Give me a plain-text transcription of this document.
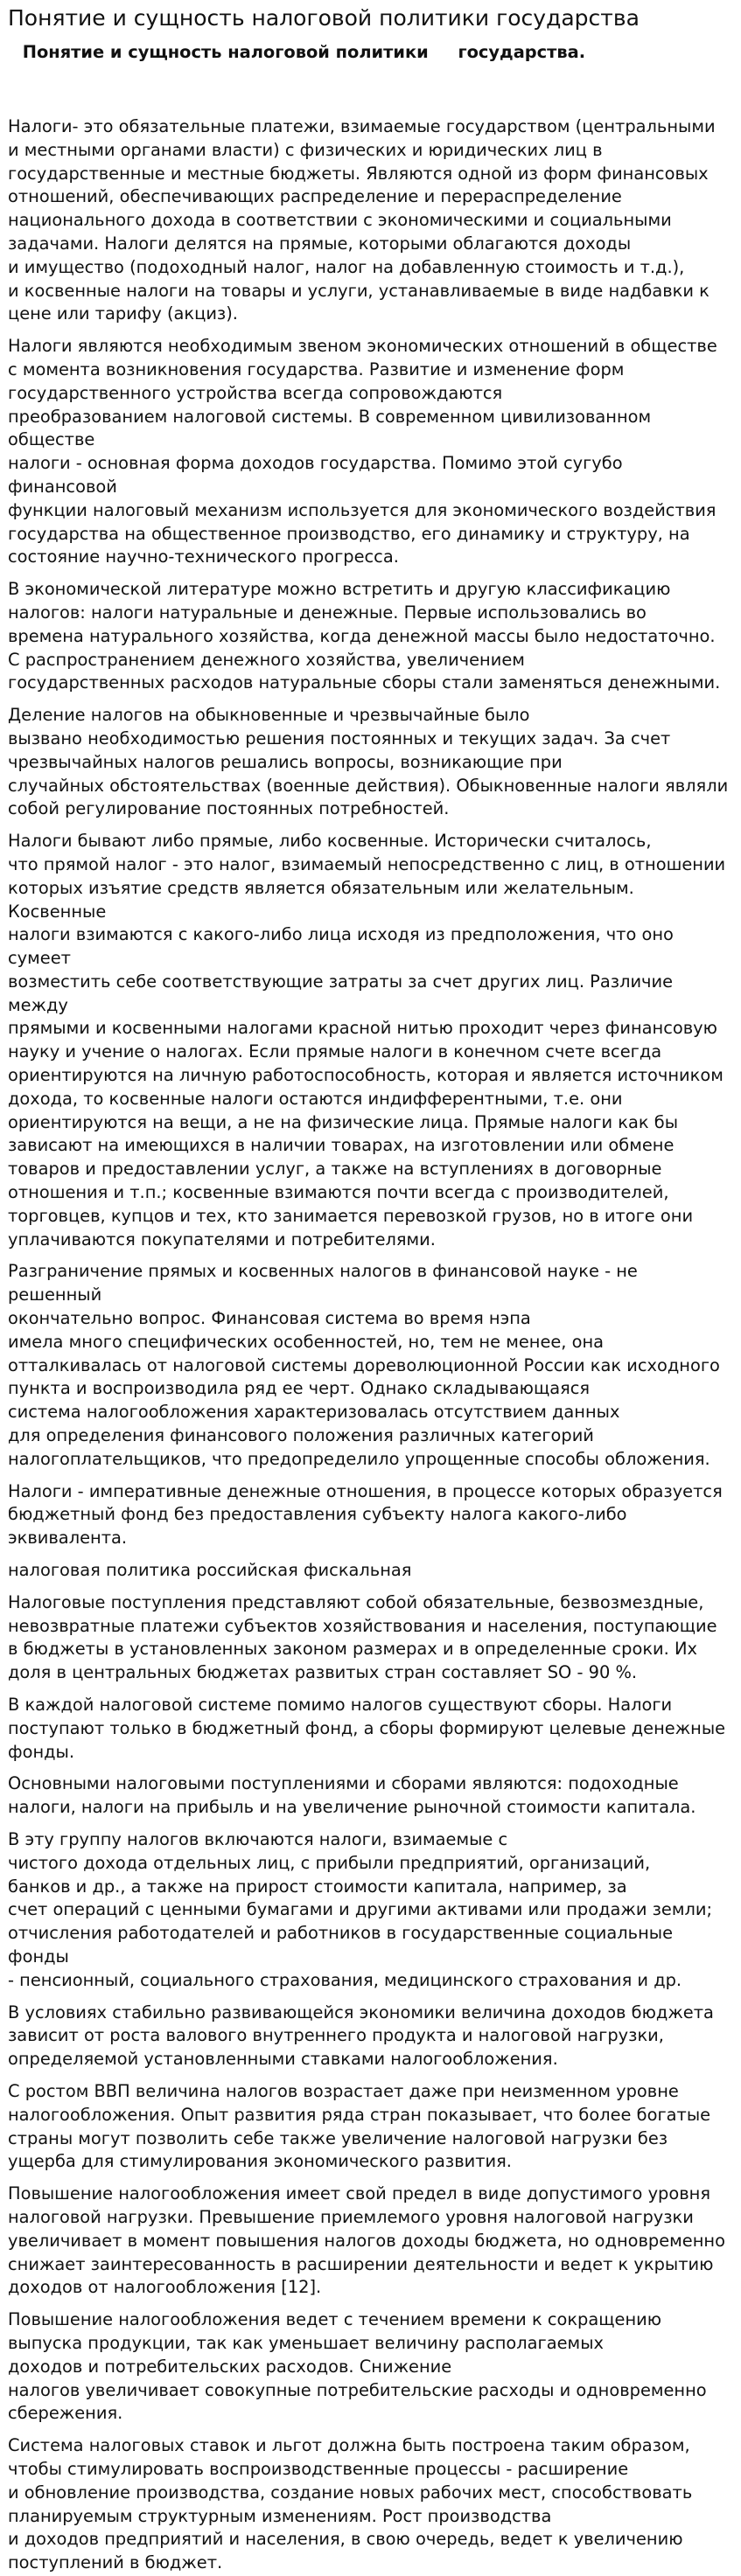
Понятие и сущность налоговой политики государства
Понятие и сущность налоговой политики     государства.

Налоги- это обязательные платежи, взимаемые государством (центральными
и местными органами власти) с физических и юридических лиц в
государственные и местные бюджеты. Являются одной из форм финансовых
отношений, обеспечивающих распределение и перераспределение
национального дохода в соответствии с экономическими и социальными
задачами. Налоги делятся на прямые, которыми облагаются доходы
и имущество (подоходный налог, налог на добавленную стоимость и т.д.),
и косвенные налоги на товары и услуги, устанавливаемые в виде надбавки к
цене или тарифу (акциз).

Налоги являются необходимым звеном экономических отношений в обществе
с момента возникновения государства. Развитие и изменение форм
государственного устройства всегда сопровождаются
преобразованием налоговой системы. В современном цивилизованном обществе
налоги - основная форма доходов государства. Помимо этой сугубо финансовой
функции налоговый механизм используется для экономического воздействия
государства на общественное производство, его динамику и структуру, на
состояние научно-технического прогресса.

В экономической литературе можно встретить и другую классификацию
налогов: налоги натуральные и денежные. Первые использовались во
времена натурального хозяйства, когда денежной массы было недостаточно.
С распространением денежного хозяйства, увеличением
государственных расходов натуральные сборы стали заменяться денежными.

Деление налогов на обыкновенные и чрезвычайные было
вызвано необходимостью решения постоянных и текущих задач. За счет
чрезвычайных налогов решались вопросы, возникающие при
случайных обстоятельствах (военные действия). Обыкновенные налоги являли
собой регулирование постоянных потребностей.

Налоги бывают либо прямые, либо косвенные. Исторически считалось,
что прямой налог - это налог, взимаемый непосредственно с лиц, в отношении
которых изъятие средств является обязательным или желательным. Косвенные
налоги взимаются с какого-либо лица исходя из предположения, что оно сумеет
возместить себе соответствующие затраты за счет других лиц. Различие между
прямыми и косвенными налогами красной нитью проходит через финансовую
науку и учение о налогах. Если прямые налоги в конечном счете всегда
ориентируются на личную работоспособность, которая и является источником
дохода, то косвенные налоги остаются индифферентными, т.е. они
ориентируются на вещи, а не на физические лица. Прямые налоги как бы
зависают на имеющихся в наличии товарах, на изготовлении или обмене
товаров и предоставлении услуг, а также на вступлениях в договорные
отношения и т.п.; косвенные взимаются почти всегда с производителей,
торговцев, купцов и тех, кто занимается перевозкой грузов, но в итоге они
уплачиваются покупателями и потребителями.

Разграничение прямых и косвенных налогов в финансовой науке - не решенный
окончательно вопрос. Финансовая система во время нэпа
имела много специфических особенностей, но, тем не менее, она
отталкивалась от налоговой системы дореволюционной России как исходного
пункта и воспроизводила ряд ее черт. Однако складывающаяся
система налогообложения характеризовалась отсутствием данных
для определения финансового положения различных категорий
налогоплательщиков, что предопределило упрощенные способы обложения.

Налоги - императивные денежные отношения, в процессе которых образуется
бюджетный фонд без предоставления субъекту налога какого-либо
эквивалента.

налоговая политика российская фискальная

Налоговые поступления представляют собой обязательные, безвозмездные,
невозвратные платежи субъектов хозяйствования и населения, поступающие
в бюджеты в установленных законом размерах и в определенные сроки. Их
доля в центральных бюджетах развитых стран составляет SO - 90 %.

В каждой налоговой системе помимо налогов существуют сборы. Налоги
поступают только в бюджетный фонд, а сборы формируют целевые денежные
фонды.

Основными налоговыми поступлениями и сборами являются: подоходные
налоги, налоги на прибыль и на увеличение рыночной стоимости капитала.

В эту группу налогов включаются налоги, взимаемые с
чистого дохода отдельных лиц, с прибыли предприятий, организаций,
банков и др., а также на прирост стоимости капитала, например, за
счет операций с ценными бумагами и другими активами или продажи земли;
отчисления работодателей и работников в государственные социальные фонды
- пенсионный, социального страхования, медицинского страхования и др.

В условиях стабильно развивающейся экономики величина доходов бюджета
зависит от роста валового внутреннего продукта и налоговой нагрузки,
определяемой установленными ставками налогообложения.

С ростом ВВП величина налогов возрастает даже при неизменном уровне
налогообложения. Опыт развития ряда стран показывает, что более богатые
страны могут позволить себе также увеличение налоговой нагрузки без
ущерба для стимулирования экономического развития.

Повышение налогообложения имеет свой предел в виде допустимого уровня
налоговой нагрузки. Превышение приемлемого уровня налоговой нагрузки
увеличивает в момент повышения налогов доходы бюджета, но одновременно
снижает заинтересованность в расширении деятельности и ведет к укрытию
доходов от налогообложения [12].

Повышение налогообложения ведет с течением времени к сокращению
выпуска продукции, так как уменьшает величину располагаемых
доходов и потребительских расходов. Снижение
налогов увеличивает совокупные потребительские расходы и одновременно
сбережения.

Система налоговых ставок и льгот должна быть построена таким образом,
чтобы стимулировать воспроизводственные процессы - расширение
и обновление производства, создание новых рабочих мест, способствовать
планируемым структурным изменениям. Рост производства
и доходов предприятий и населения, в свою очередь, ведет к увеличению
поступлений в бюджет.
